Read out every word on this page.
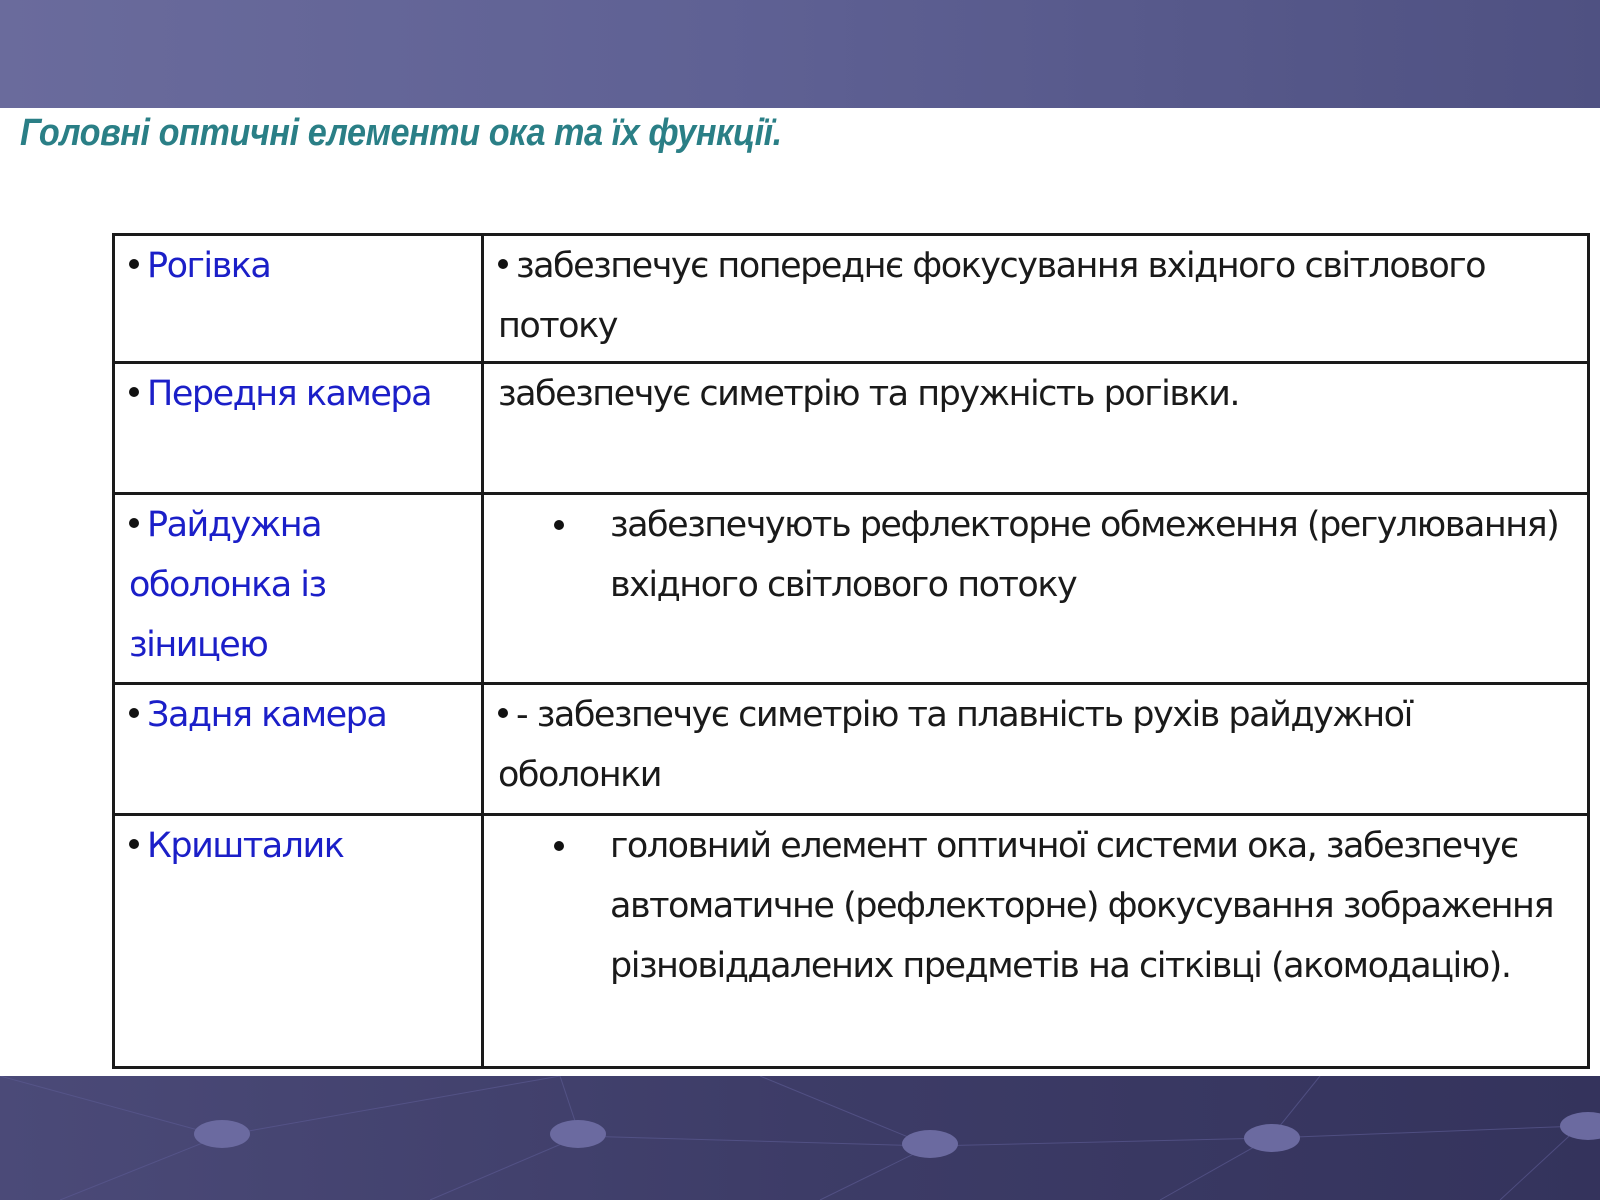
Головні оптичні елементи ока та їх функції.
Рогівка	забезпечує попереднє фокусування вхідного світлового потоку
Передня камера	забезпечує симетрію та пружність рогівки.
Райдужна оболонка із зіницею	забезпечують рефлекторне обмеження (регулювання) вхідного світлового потоку

Задня камера	- забезпечує симетрію та плавність рухів райдужної оболонки
Кришталик	головний елемент оптичної системи ока, забезпечує автоматичне (рефлекторне) фокусування зображення різновіддалених предметів на сітківці (акомодацію).
